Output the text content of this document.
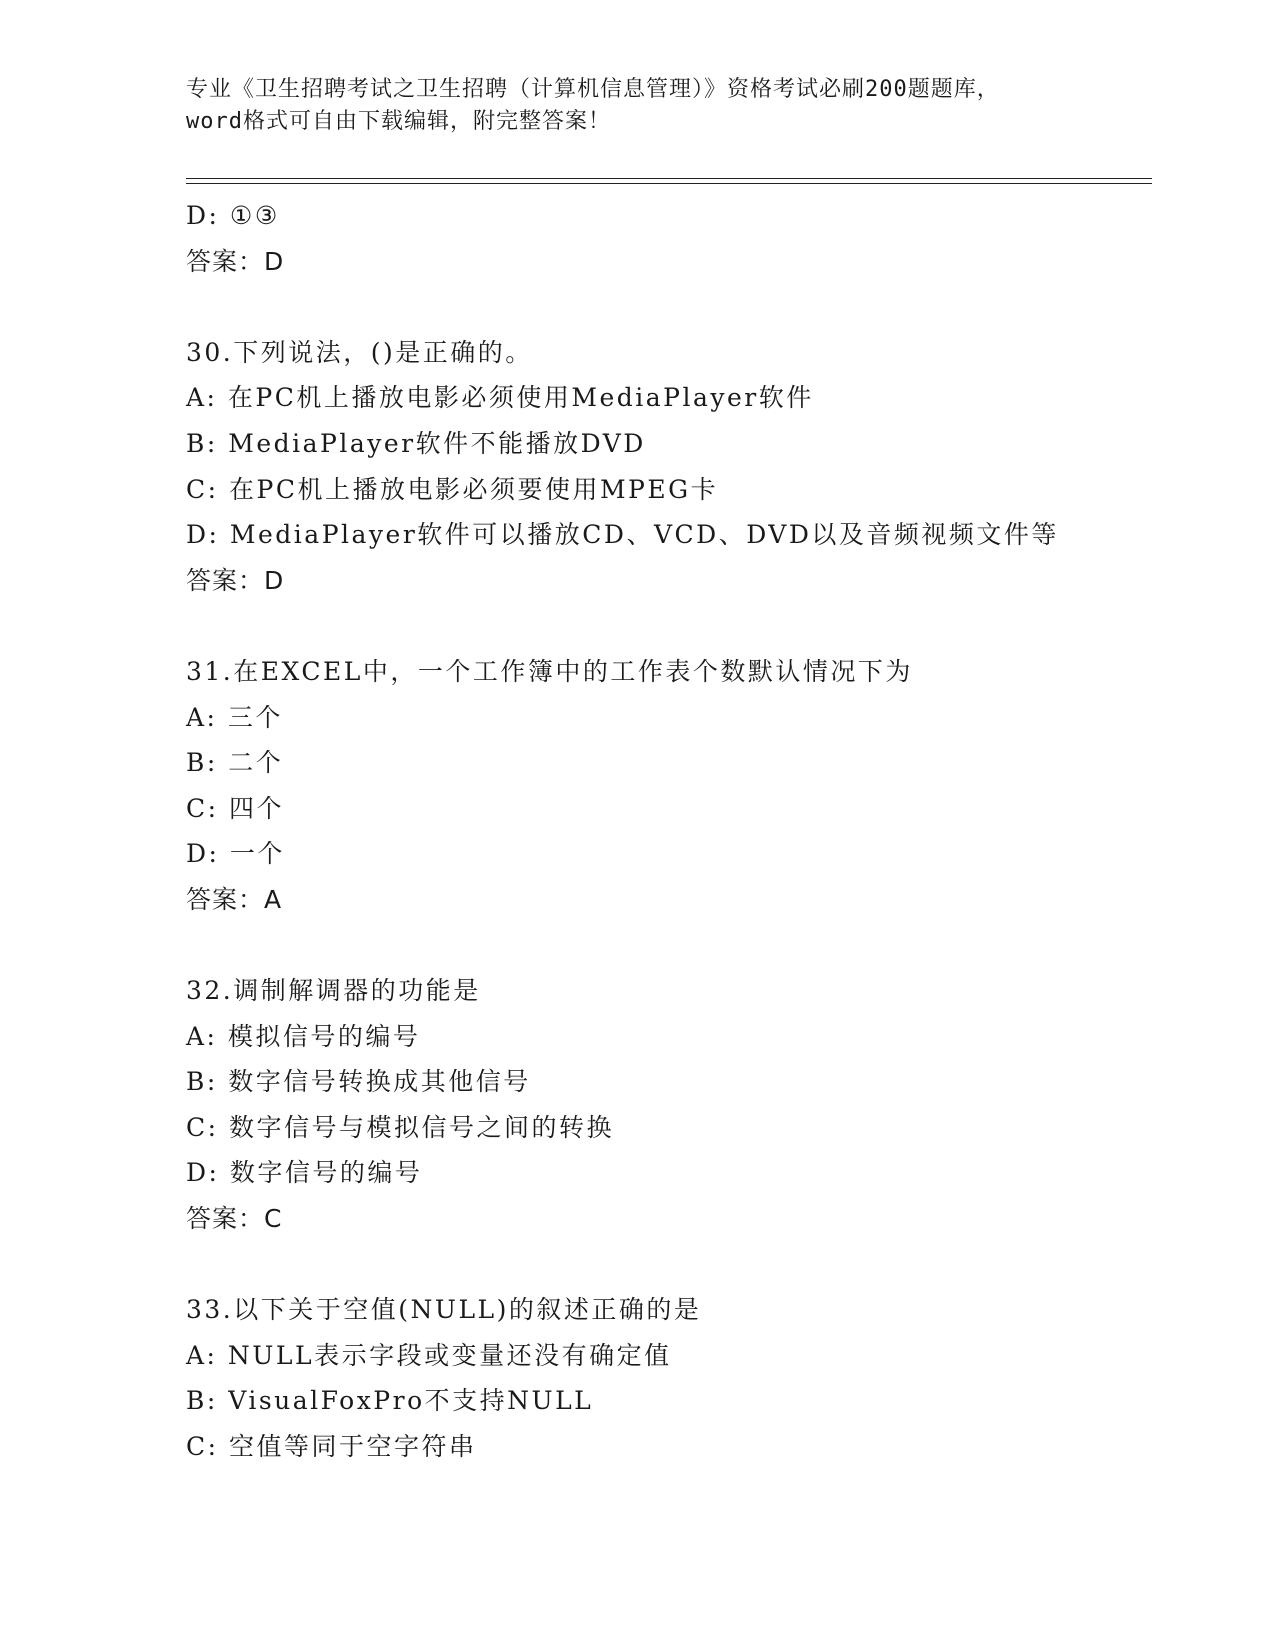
专业《卫生招聘考试之卫生招聘（计算机信息管理）》资格考试必刷200题题库，
word格式可自由下载编辑，附完整答案！
D: ①③
答案：D
30.下列说法，()是正确的。
A: 在PC机上播放电影必须使用MediaPlayer软件
B: MediaPlayer软件不能播放DVD
C: 在PC机上播放电影必须要使用MPEG卡
D: MediaPlayer软件可以播放CD、VCD、DVD以及音频视频文件等
答案：D
31.在EXCEL中，一个工作簿中的工作表个数默认情况下为
A: 三个
B: 二个
C: 四个
D: 一个
答案：A
32.调制解调器的功能是
A: 模拟信号的编号
B: 数字信号转换成其他信号
C: 数字信号与模拟信号之间的转换
D: 数字信号的编号
答案：C
33.以下关于空值(NULL)的叙述正确的是
A: NULL表示字段或变量还没有确定值
B: VisualFoxPro不支持NULL
C: 空值等同于空字符串
